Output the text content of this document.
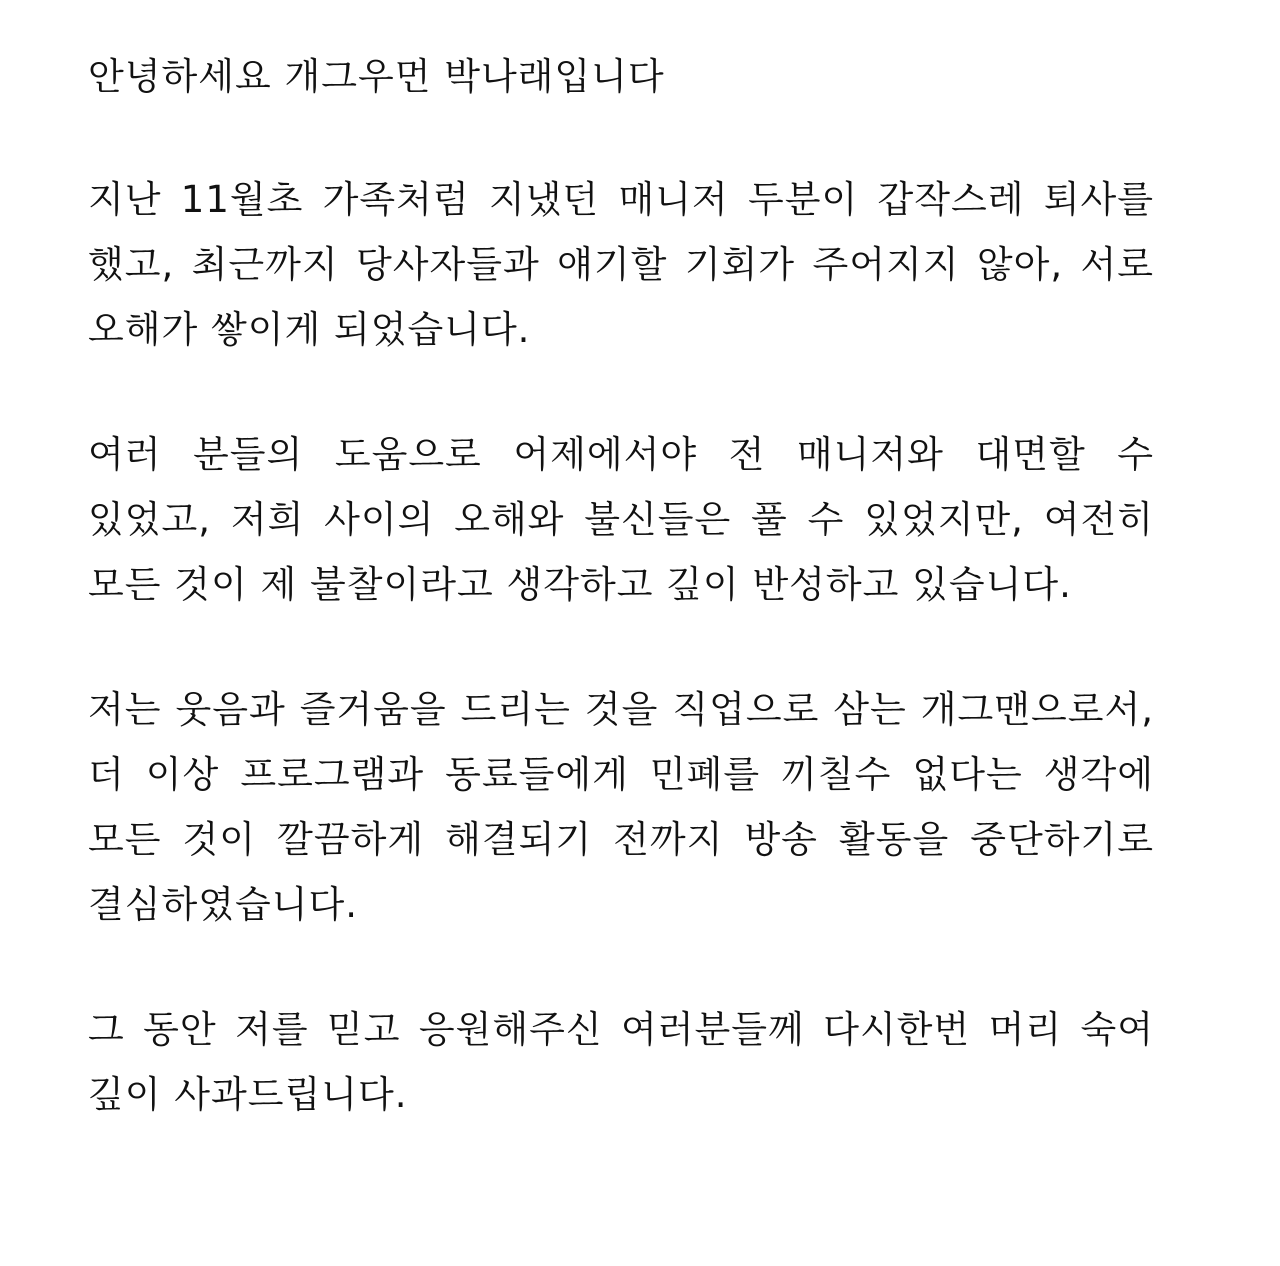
안녕하세요 개그우먼 박나래입니다

지난 11월초 가족처럼 지냈던 매니저 두분이 갑작스레 퇴사를 했고, 최근까지 당사자들과 얘기할 기회가 주어지지 않아, 서로 오해가 쌓이게 되었습니다.

여러 분들의 도움으로 어제에서야 전 매니저와 대면할 수 있었고, 저희 사이의 오해와 불신들은 풀 수 있었지만, 여전히 모든 것이 제 불찰이라고 생각하고 깊이 반성하고 있습니다.

저는 웃음과 즐거움을 드리는 것을 직업으로 삼는 개그맨으로서, 더 이상 프로그램과 동료들에게 민폐를 끼칠수 없다는 생각에 모든 것이 깔끔하게 해결되기 전까지 방송 활동을 중단하기로 결심하였습니다.

그 동안 저를 믿고 응원해주신 여러분들께 다시한번 머리 숙여 깊이 사과드립니다.
